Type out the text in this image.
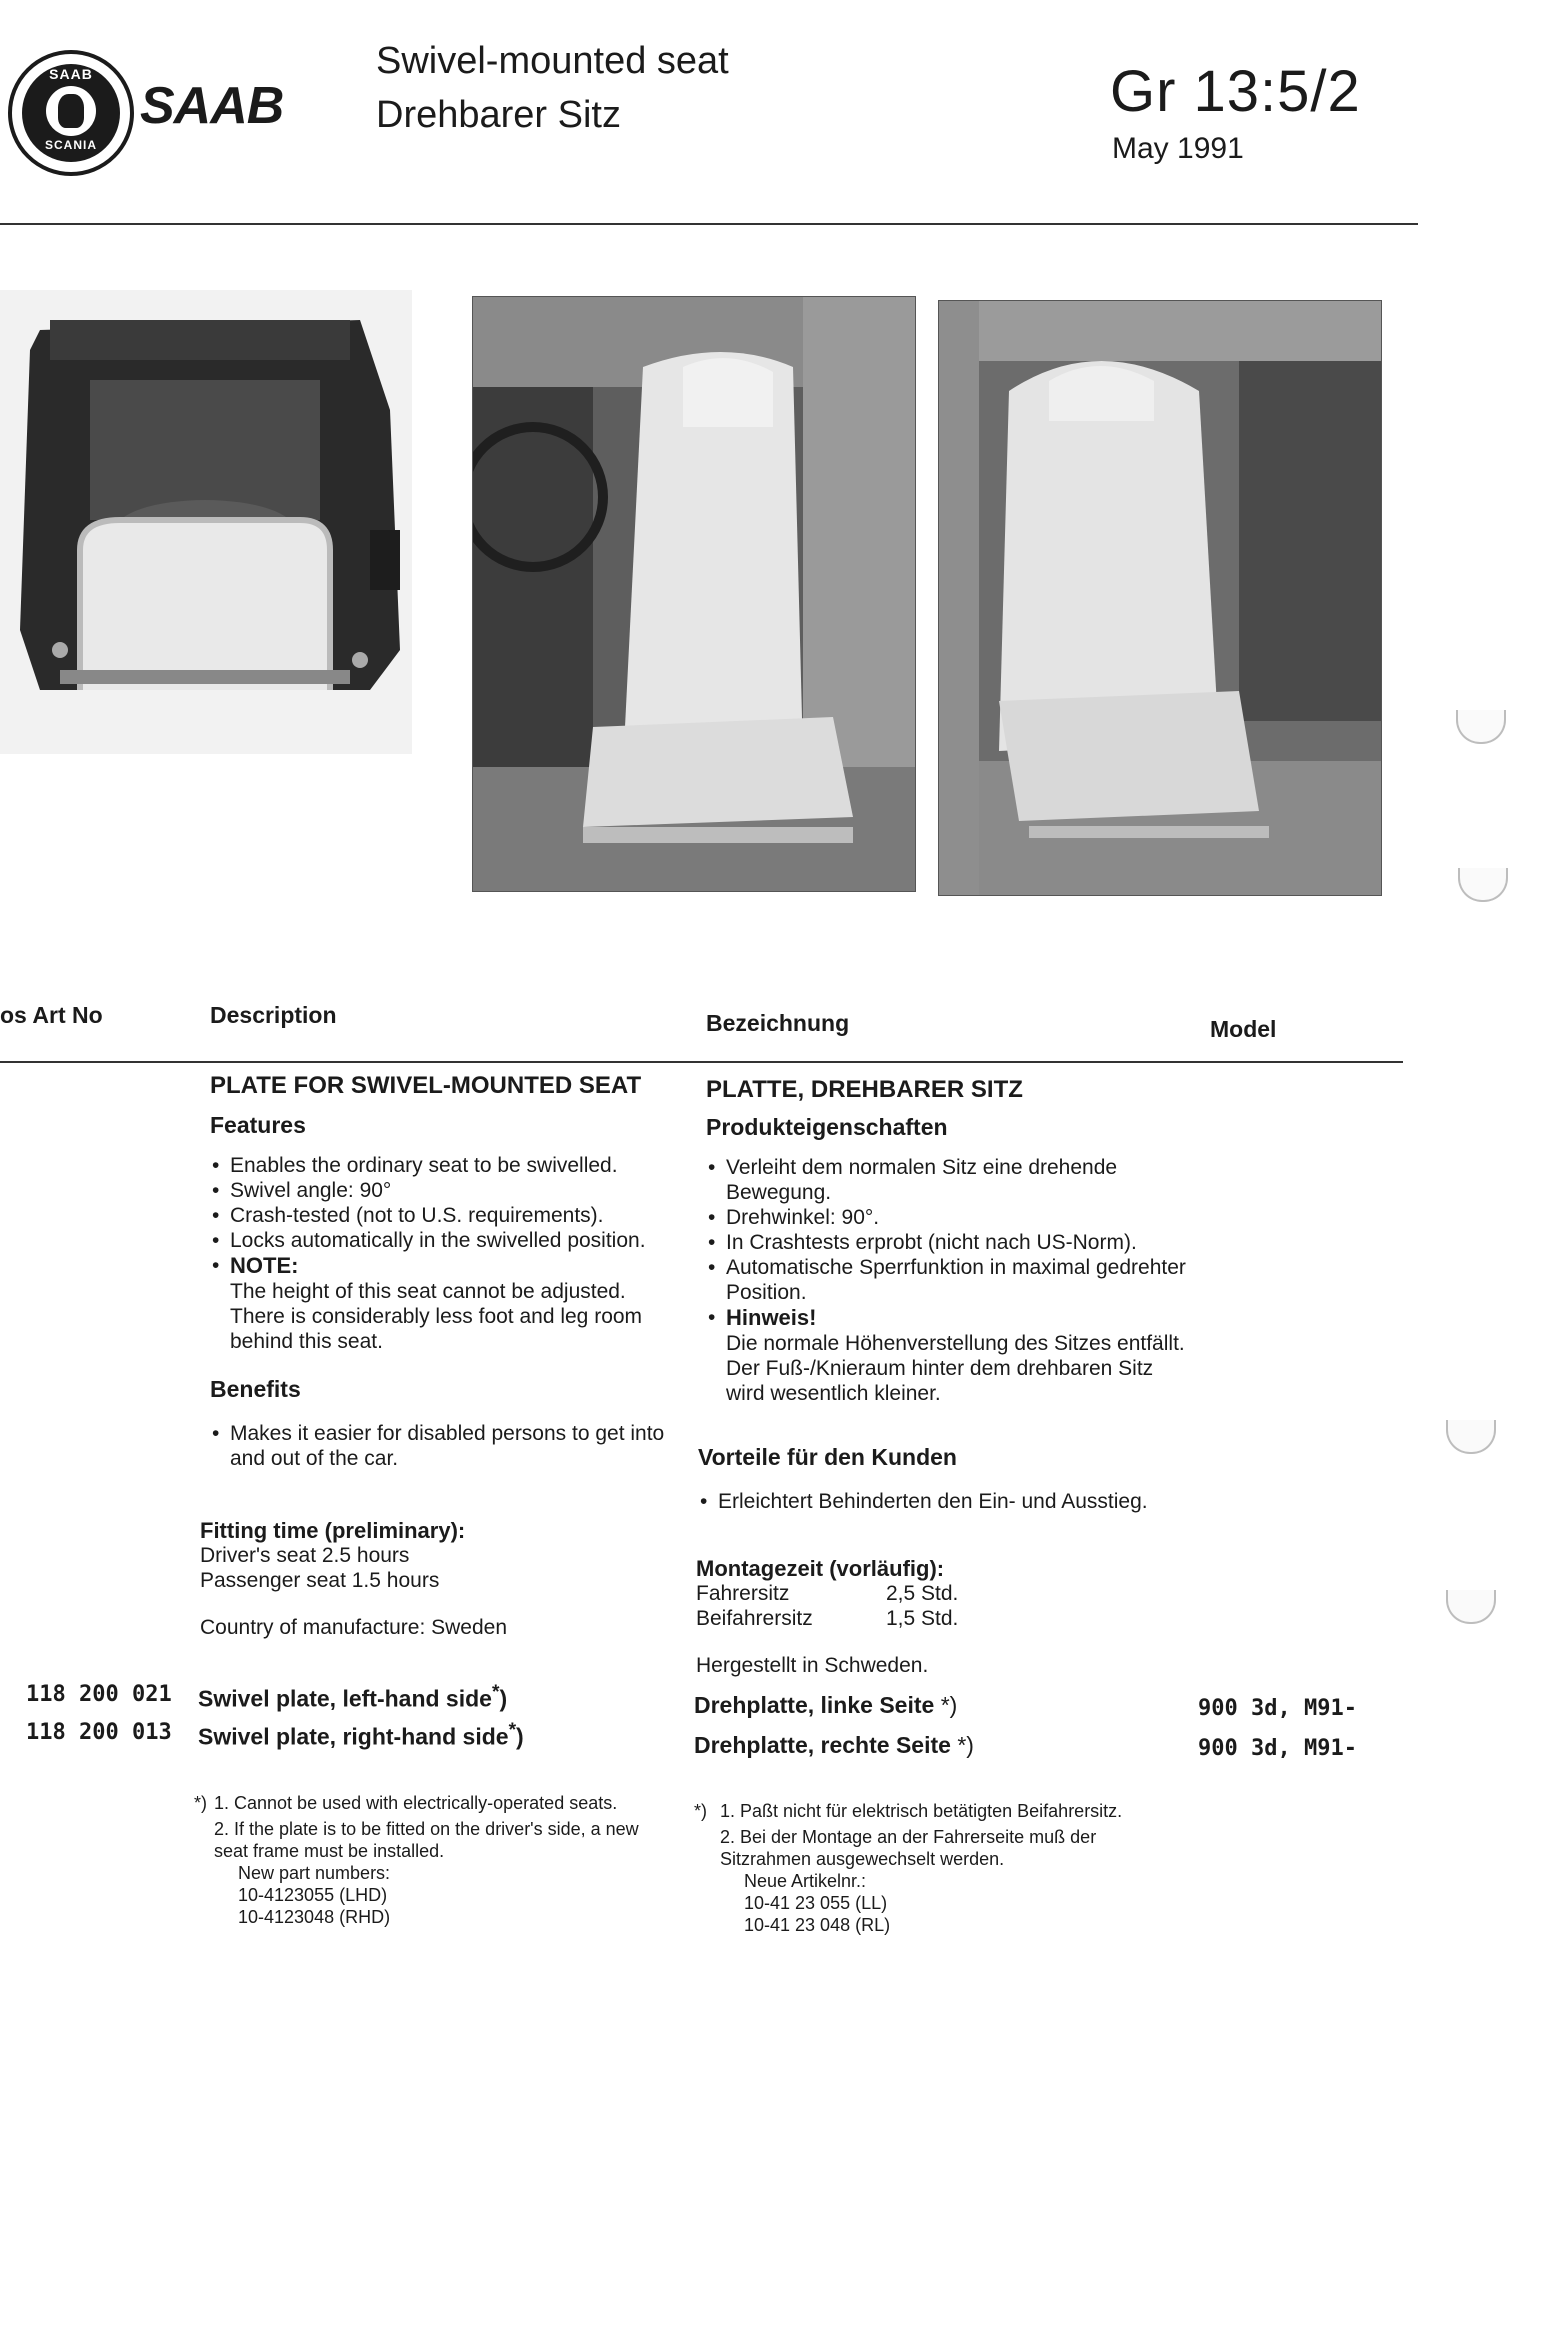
SAAB
SCANIA
SAAB
Swivel-mounted seat
Drehbarer Sitz	Gr 13:5/2
May 1991
os Art No	Description	Bezeichnung	Model
PLATE FOR SWIVEL-MOUNTED SEAT
Features
• Enables the ordinary seat to be swivelled.
• Swivel angle: 90°
• Crash-tested (not to U.S. requirements).
• Locks automatically in the swivelled position.
• NOTE:
The height of this seat cannot be adjusted. There is considerably less foot and leg room behind this seat.
Benefits
• Makes it easier for disabled persons to get into and out of the car.
Fitting time (preliminary):
Driver's seat 2.5 hours
Passenger seat 1.5 hours
Country of manufacture: Sweden
PLATTE, DREHBARER SITZ
Produkteigenschaften
• Verleiht dem normalen Sitz eine drehende Bewegung.
• Drehwinkel: 90°.
• In Crashtests erprobt (nicht nach US-Norm).
• Automatische Sperrfunktion in maximal gedrehter Position.
• Hinweis!
Die normale Höhenverstellung des Sitzes entfällt. Der Fuß-/Knieraum hinter dem drehbaren Sitz wird wesentlich kleiner.
Vorteile für den Kunden
• Erleichtert Behinderten den Ein- und Ausstieg.
Montagezeit (vorläufig):
Fahrersitz	2,5 Std.
Beifahrersitz	1,5 Std.
Hergestellt in Schweden.
118 200 021 Swivel plate, left-hand side*)	Drehplatte, linke Seite *)	900 3d, M91-
118 200 013 Swivel plate, right-hand side*)	Drehplatte, rechte Seite *)	900 3d, M91-
*) 1. Cannot be used with electrically-operated seats.
2. If the plate is to be fitted on the driver's side, a new seat frame must be installed.
New part numbers:
10-4123055 (LHD)
10-4123048 (RHD)
*) 1. Paßt nicht für elektrisch betätigten Beifahrersitz.
2. Bei der Montage an der Fahrerseite muß der Sitzrahmen ausgewechselt werden.
Neue Artikelnr.:
10-41 23 055 (LL)
10-41 23 048 (RL)
